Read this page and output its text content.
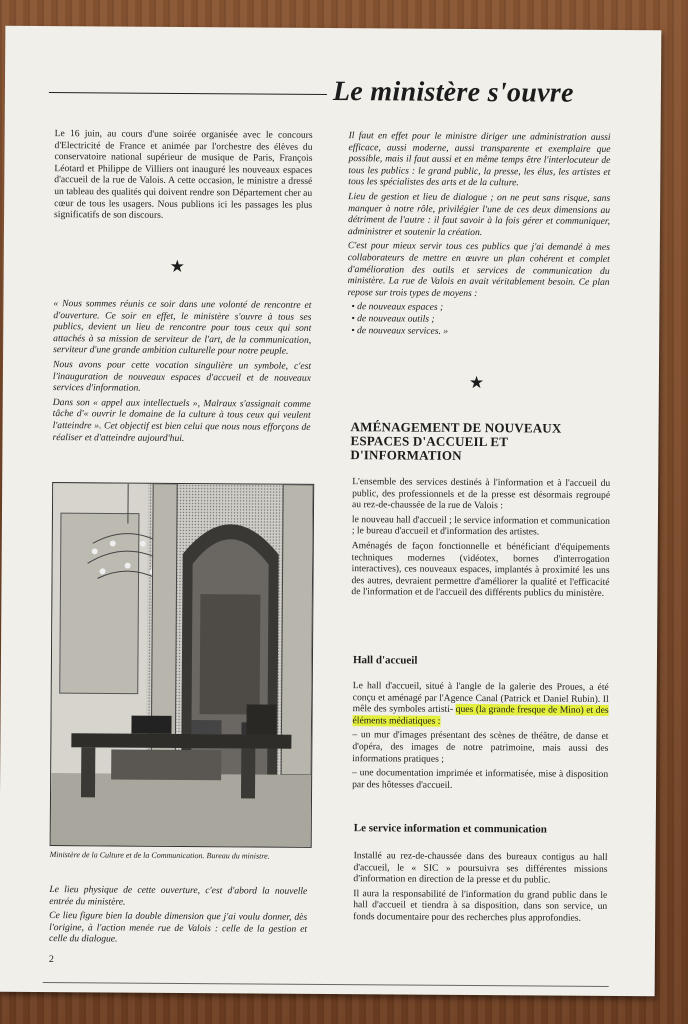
Le ministère s'ouvre

Le 16 juin, au cours d'une soirée organisée avec le concours d'Electricité de France et animée par l'orchestre des élèves du conservatoire national supérieur de musique de Paris, François Léotard et Philippe de Villiers ont inauguré les nouveaux espaces d'accueil de la rue de Valois. A cette occasion, le ministre a dressé un tableau des qualités qui doivent rendre son Département cher au cœur de tous les usagers. Nous publions ici les passages les plus significatifs de son discours.

★

« Nous sommes réunis ce soir dans une volonté de rencontre et d'ouverture. Ce soir en effet, le ministère s'ouvre à tous ses publics, devient un lieu de rencontre pour tous ceux qui sont attachés à sa mission de serviteur de l'art, de la communication, serviteur d'une grande ambition culturelle pour notre peuple.

Nous avons pour cette vocation singulière un symbole, c'est l'inauguration de nouveaux espaces d'accueil et de nouveaux services d'information.

Dans son « appel aux intellectuels », Malraux s'assignait comme tâche d'« ouvrir le domaine de la culture à tous ceux qui veulent l'atteindre ». Cet objectif est bien celui que nous nous efforçons de réaliser et d'atteindre aujourd'hui.

Ministère de la Culture et de la Communication. Bureau du ministre.

Le lieu physique de cette ouverture, c'est d'abord la nouvelle entrée du ministère.

Ce lieu figure bien la double dimension que j'ai voulu donner, dès l'origine, à l'action menée rue de Valois : celle de la gestion et celle du dialogue.

2

Il faut en effet pour le ministre diriger une administration aussi efficace, aussi moderne, aussi transparente et exemplaire que possible, mais il faut aussi et en même temps être l'interlocuteur de tous les publics : le grand public, la presse, les élus, les artistes et tous les spécialistes des arts et de la culture.

Lieu de gestion et lieu de dialogue ; on ne peut sans risque, sans manquer à notre rôle, privilégier l'une de ces deux dimensions au détriment de l'autre : il faut savoir à la fois gérer et communiquer, administrer et soutenir la création.

C'est pour mieux servir tous ces publics que j'ai demandé à mes collaborateurs de mettre en œuvre un plan cohérent et complet d'amélioration des outils et services de communication du ministère. La rue de Valois en avait véritablement besoin. Ce plan repose sur trois types de moyens :

• de nouveaux espaces ;
• de nouveaux outils ;
• de nouveaux services. »
★
AMÉNAGEMENT DE NOUVEAUX ESPACES D'ACCUEIL ET D'INFORMATION

L'ensemble des services destinés à l'information et à l'accueil du public, des professionnels et de la presse est désormais regroupé au rez-de-chaussée de la rue de Valois :

le nouveau hall d'accueil ; le service information et communication ; le bureau d'accueil et d'information des artistes.

Aménagés de façon fonctionnelle et bénéficiant d'équipements techniques modernes (vidéotex, bornes d'interrogation interactives), ces nouveaux espaces, implantés à proximité les uns des autres, devraient permettre d'améliorer la qualité et l'efficacité de l'information et de l'accueil des différents publics du ministère.

Hall d'accueil

Le hall d'accueil, situé à l'angle de la galerie des Proues, a été conçu et aménagé par l'Agence Canal (Patrick et Daniel Rubin). Il mêle des symboles artisti- ques (la grande fresque de Mino) et des éléments médiatiques :

– un mur d'images présentant des scènes de théâtre, de danse et d'opéra, des images de notre patrimoine, mais aussi des informations pratiques ;

– une documentation imprimée et informatisée, mise à disposition par des hôtesses d'accueil.

Le service information et communication

Installé au rez-de-chaussée dans des bureaux contigus au hall d'accueil, le « SIC » poursuivra ses différentes missions d'information en direction de la presse et du public.

Il aura la responsabilité de l'information du grand public dans le hall d'accueil et tiendra à sa disposition, dans son service, un fonds documentaire pour des recherches plus approfondies.
